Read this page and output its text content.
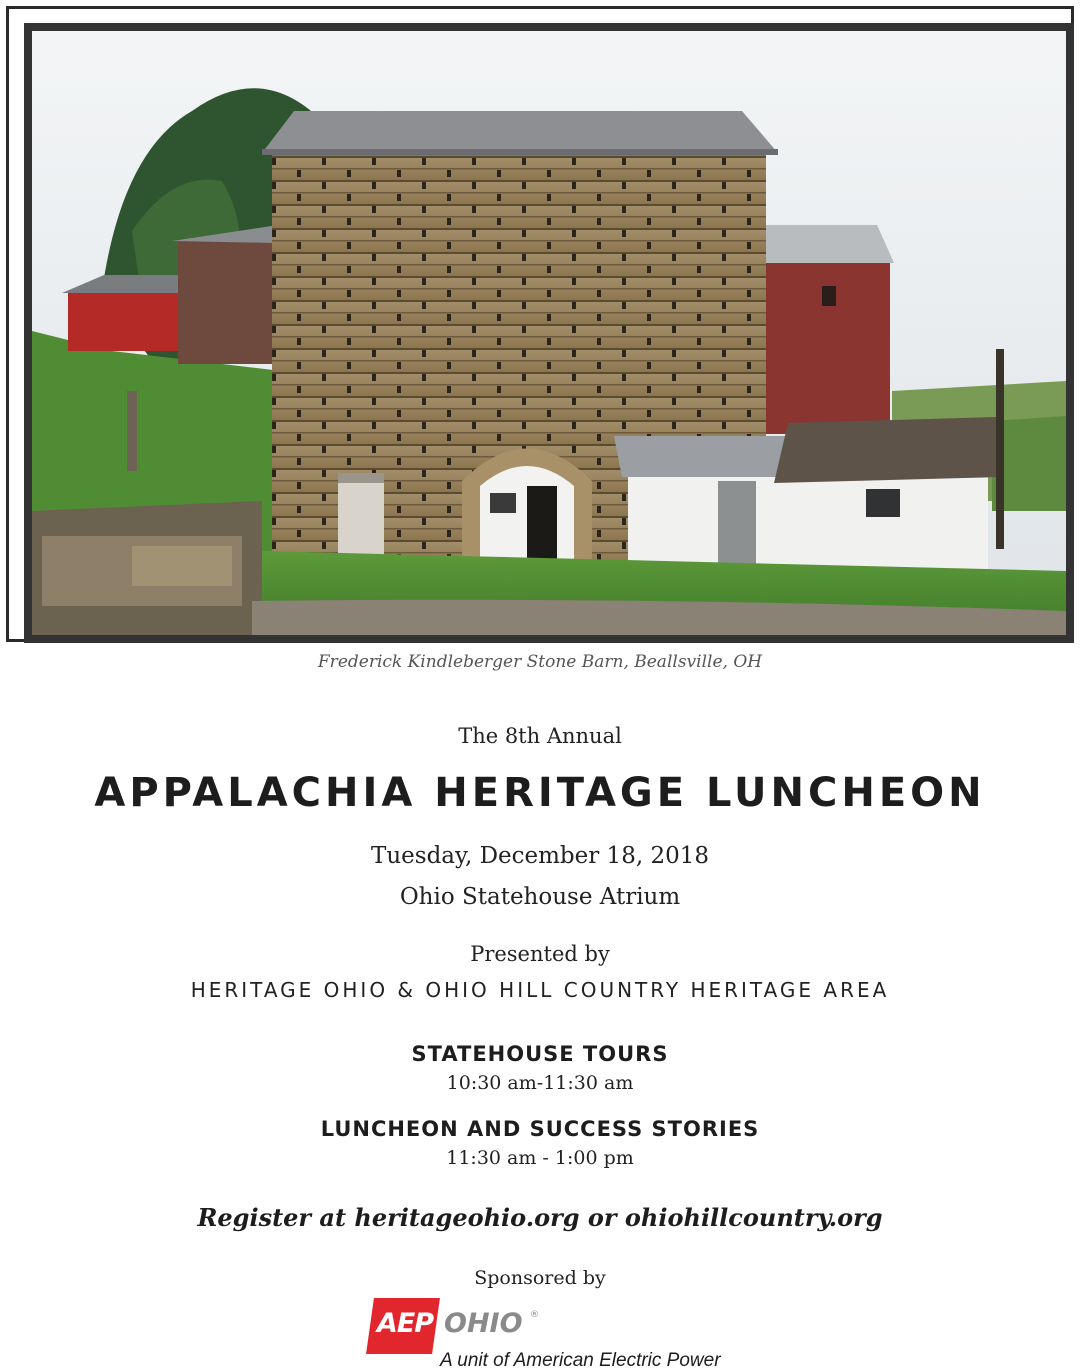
Frederick Kindleberger Stone Barn, Beallsville, OH
The 8th Annual
APPALACHIA HERITAGE LUNCHEON
Tuesday, December 18, 2018
Ohio Statehouse Atrium
Presented by
HERITAGE OHIO & OHIO HILL COUNTRY HERITAGE AREA
STATEHOUSE TOURS
10:30 am-11:30 am
LUNCHEON AND SUCCESS STORIES
11:30 am - 1:00 pm
Register at heritageohio.org or ohiohillcountry.org
Sponsored by
AEP OHIO ®
A unit of American Electric Power
